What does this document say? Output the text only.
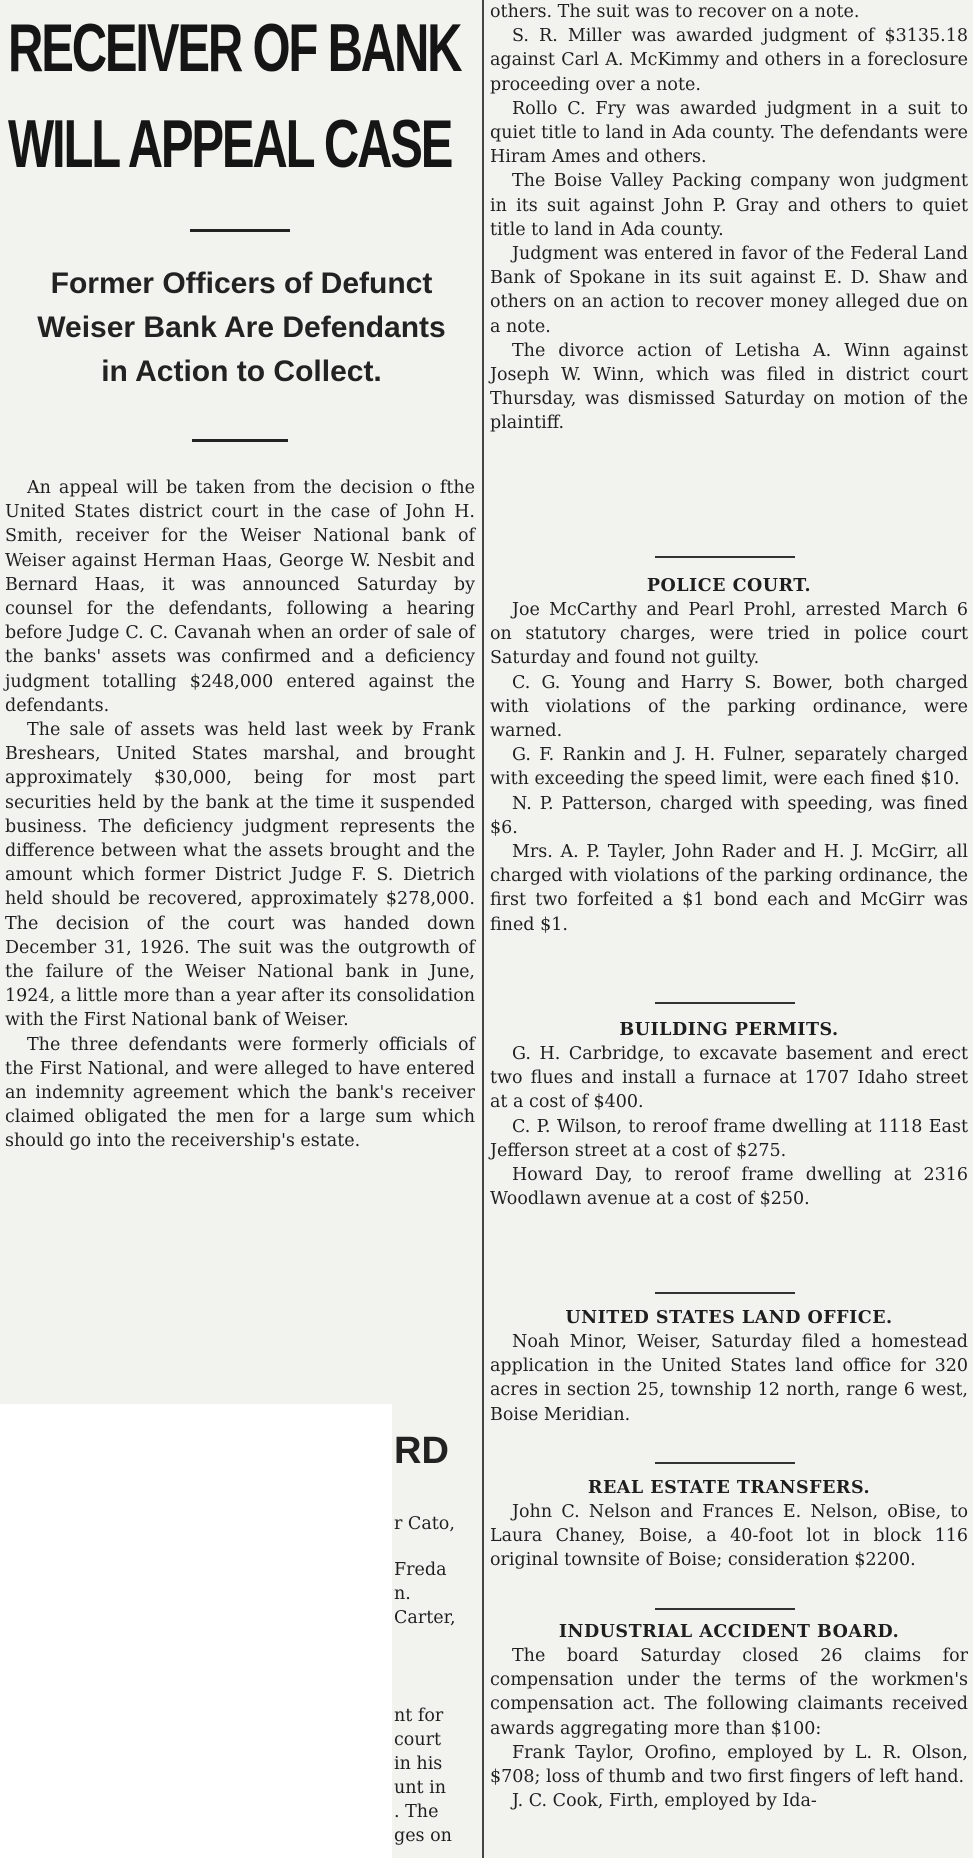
RECEIVER OF BANK
WILL APPEAL CASE
Former Officers of Defunct
Weiser Bank Are Defendants
in Action to Collect.

An appeal will be taken from the decision o fthe United States district court in the case of John H. Smith, receiver for the Weiser National bank of Weiser against Herman Haas, George W. Nesbit and Bernard Haas, it was announced Saturday by counsel for the defendants, following a hearing before Judge C. C. Cavanah when an order of sale of the banks' assets was confirmed and a deficiency judgment totalling $248,000 entered against the defendants.

The sale of assets was held last week by Frank Breshears, United States marshal, and brought approximately $30,000, being for most part securities held by the bank at the time it suspended business. The deficiency judgment represents the difference between what the assets brought and the amount which former District Judge F. S. Dietrich held should be recovered, approximately $278,000. The decision of the court was handed down December 31, 1926. The suit was the outgrowth of the failure of the Weiser National bank in June, 1924, a little more than a year after its consolidation with the First National bank of Weiser.

The three defendants were formerly officials of the First National, and were alleged to have entered an indemnity agreement which the bank's receiver claimed obligated the men for a large sum which should go into the receivership's estate.

RD
r Cato,
Freda
n.
Carter,
nt for
court
in his
unt in
. The
ges on

others. The suit was to recover on a note.

S. R. Miller was awarded judgment of $3135.18 against Carl A. McKimmy and others in a foreclosure proceeding over a note.

Rollo C. Fry was awarded judgment in a suit to quiet title to land in Ada county. The defendants were Hiram Ames and others.

The Boise Valley Packing company won judgment in its suit against John P. Gray and others to quiet title to land in Ada county.

Judgment was entered in favor of the Federal Land Bank of Spokane in its suit against E. D. Shaw and others on an action to recover money alleged due on a note.

The divorce action of Letisha A. Winn against Joseph W. Winn, which was filed in district court Thursday, was dismissed Saturday on motion of the plaintiff.

POLICE COURT.

Joe McCarthy and Pearl Prohl, arrested March 6 on statutory charges, were tried in police court Saturday and found not guilty.

C. G. Young and Harry S. Bower, both charged with violations of the parking ordinance, were warned.

G. F. Rankin and J. H. Fulner, separately charged with exceeding the speed limit, were each fined $10.

N. P. Patterson, charged with speeding, was fined $6.

Mrs. A. P. Tayler, John Rader and H. J. McGirr, all charged with violations of the parking ordinance, the first two forfeited a $1 bond each and McGirr was fined $1.

BUILDING PERMITS.

G. H. Carbridge, to excavate basement and erect two flues and install a furnace at 1707 Idaho street at a cost of $400.

C. P. Wilson, to reroof frame dwelling at 1118 East Jefferson street at a cost of $275.

Howard Day, to reroof frame dwelling at 2316 Woodlawn avenue at a cost of $250.

UNITED STATES LAND OFFICE.

Noah Minor, Weiser, Saturday filed a homestead application in the United States land office for 320 acres in section 25, township 12 north, range 6 west, Boise Meridian.

REAL ESTATE TRANSFERS.

John C. Nelson and Frances E. Nelson, oBise, to Laura Chaney, Boise, a 40-foot lot in block 116 original townsite of Boise; consideration $2200.

INDUSTRIAL ACCIDENT BOARD.

The board Saturday closed 26 claims for compensation under the terms of the workmen's compensation act. The following claimants received awards aggregating more than $100:

Frank Taylor, Orofino, employed by L. R. Olson, $708; loss of thumb and two first fingers of left hand.

J. C. Cook, Firth, employed by Ida-
